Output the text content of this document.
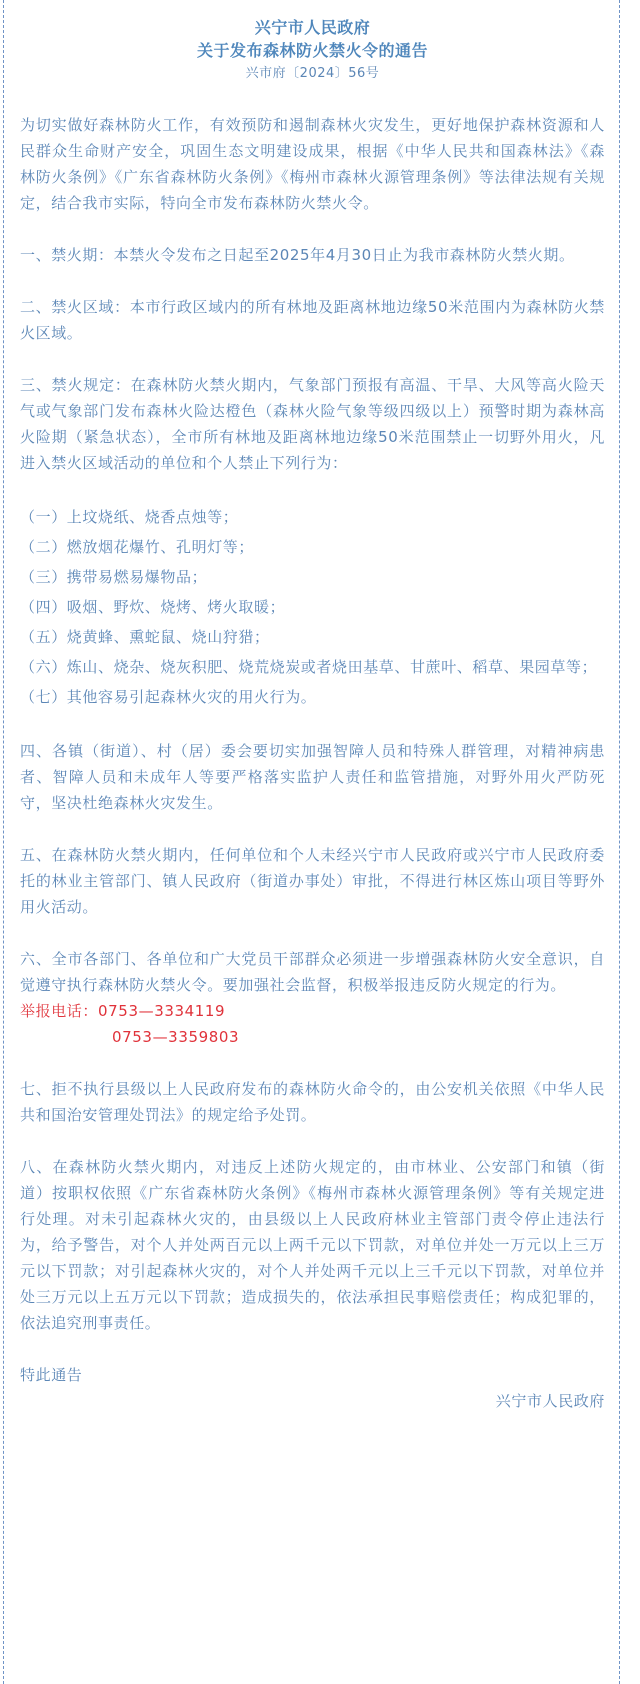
兴宁市人民政府
关于发布森林防火禁火令的通告
兴市府〔2024〕56号

为切实做好森林防火工作，有效预防和遏制森林火灾发生，更好地保护森林资源和人民群众生命财产安全，巩固生态文明建设成果，根据《中华人民共和国森林法》《森林防火条例》《广东省森林防火条例》《梅州市森林火源管理条例》等法律法规有关规定，结合我市实际，特向全市发布森林防火禁火令。

一、禁火期：本禁火令发布之日起至2025年4月30日止为我市森林防火禁火期。

二、禁火区域：本市行政区域内的所有林地及距离林地边缘50米范围内为森林防火禁火区域。

三、禁火规定：在森林防火禁火期内，气象部门预报有高温、干旱、大风等高火险天气或气象部门发布森林火险达橙色（森林火险气象等级四级以上）预警时期为森林高火险期（紧急状态），全市所有林地及距离林地边缘50米范围禁止一切野外用火，凡进入禁火区域活动的单位和个人禁止下列行为：

（一）上坟烧纸、烧香点烛等；

（二）燃放烟花爆竹、孔明灯等；

（三）携带易燃易爆物品；

（四）吸烟、野炊、烧烤、烤火取暖；

（五）烧黄蜂、熏蛇鼠、烧山狩猎；

（六）炼山、烧杂、烧灰积肥、烧荒烧炭或者烧田基草、甘蔗叶、稻草、果园草等；

（七）其他容易引起森林火灾的用火行为。

四、各镇（街道）、村（居）委会要切实加强智障人员和特殊人群管理，对精神病患者、智障人员和未成年人等要严格落实监护人责任和监管措施，对野外用火严防死守，坚决杜绝森林火灾发生。

五、在森林防火禁火期内，任何单位和个人未经兴宁市人民政府或兴宁市人民政府委托的林业主管部门、镇人民政府（街道办事处）审批，不得进行林区炼山项目等野外用火活动。

六、全市各部门、各单位和广大党员干部群众必须进一步增强森林防火安全意识，自觉遵守执行森林防火禁火令。要加强社会监督，积极举报违反防火规定的行为。

举报电话：0753—3334119

0753—3359803

七、拒不执行县级以上人民政府发布的森林防火命令的，由公安机关依照《中华人民共和国治安管理处罚法》的规定给予处罚。

八、在森林防火禁火期内，对违反上述防火规定的，由市林业、公安部门和镇（街道）按职权依照《广东省森林防火条例》《梅州市森林火源管理条例》等有关规定进行处理。对未引起森林火灾的，由县级以上人民政府林业主管部门责令停止违法行为，给予警告，对个人并处两百元以上两千元以下罚款，对单位并处一万元以上三万元以下罚款；对引起森林火灾的，对个人并处两千元以上三千元以下罚款，对单位并处三万元以上五万元以下罚款；造成损失的，依法承担民事赔偿责任；构成犯罪的，依法追究刑事责任。

特此通告

兴宁市人民政府
